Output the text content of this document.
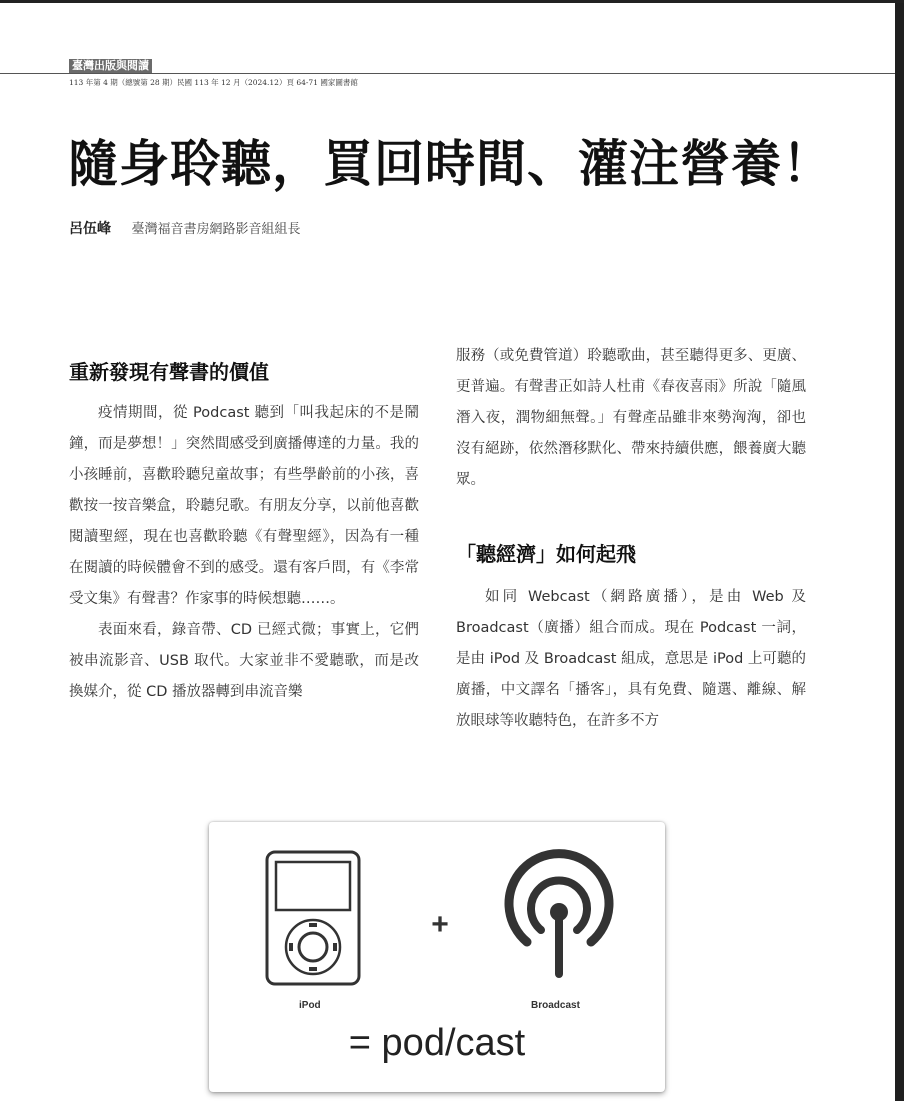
臺灣出版與閱讀
113 年第 4 期（總號第 28 期）民國 113 年 12 月（2024.12）頁 64-71 國家圖書館
隨身聆聽，買回時間、灌注營養！
呂伍峰 臺灣福音書房網路影音組組長
重新發現有聲書的價值

疫情期間，從 Podcast 聽到「叫我起床的不是鬧鐘，而是夢想！」突然間感受到廣播傳達的力量。我的小孩睡前，喜歡聆聽兒童故事；有些學齡前的小孩，喜歡按一按音樂盒，聆聽兒歌。有朋友分享，以前他喜歡閱讀聖經，現在也喜歡聆聽《有聲聖經》，因為有一種在閱讀的時候體會不到的感受。還有客戶問，有《李常受文集》有聲書？作家事的時候想聽……。

表面來看，錄音帶、CD 已經式微；事實上，它們被串流影音、USB 取代。大家並非不愛聽歌，而是改換媒介，從 CD 播放器轉到串流音樂

服務（或免費管道）聆聽歌曲，甚至聽得更多、更廣、更普遍。有聲書正如詩人杜甫《春夜喜雨》所說「隨風潛入夜，潤物細無聲。」有聲產品雖非來勢洶洶，卻也沒有絕跡，依然潛移默化、帶來持續供應，餵養廣大聽眾。

「聽經濟」如何起飛

如同 Webcast（網路廣播），是由 Web 及 Broadcast（廣播）組合而成。現在 Podcast 一詞，是由 iPod 及 Broadcast 組成，意思是 iPod 上可聽的廣播，中文譯名「播客」，具有免費、隨選、離線、解放眼球等收聽特色，在許多不方

+
iPod	Broadcast
= pod/cast
